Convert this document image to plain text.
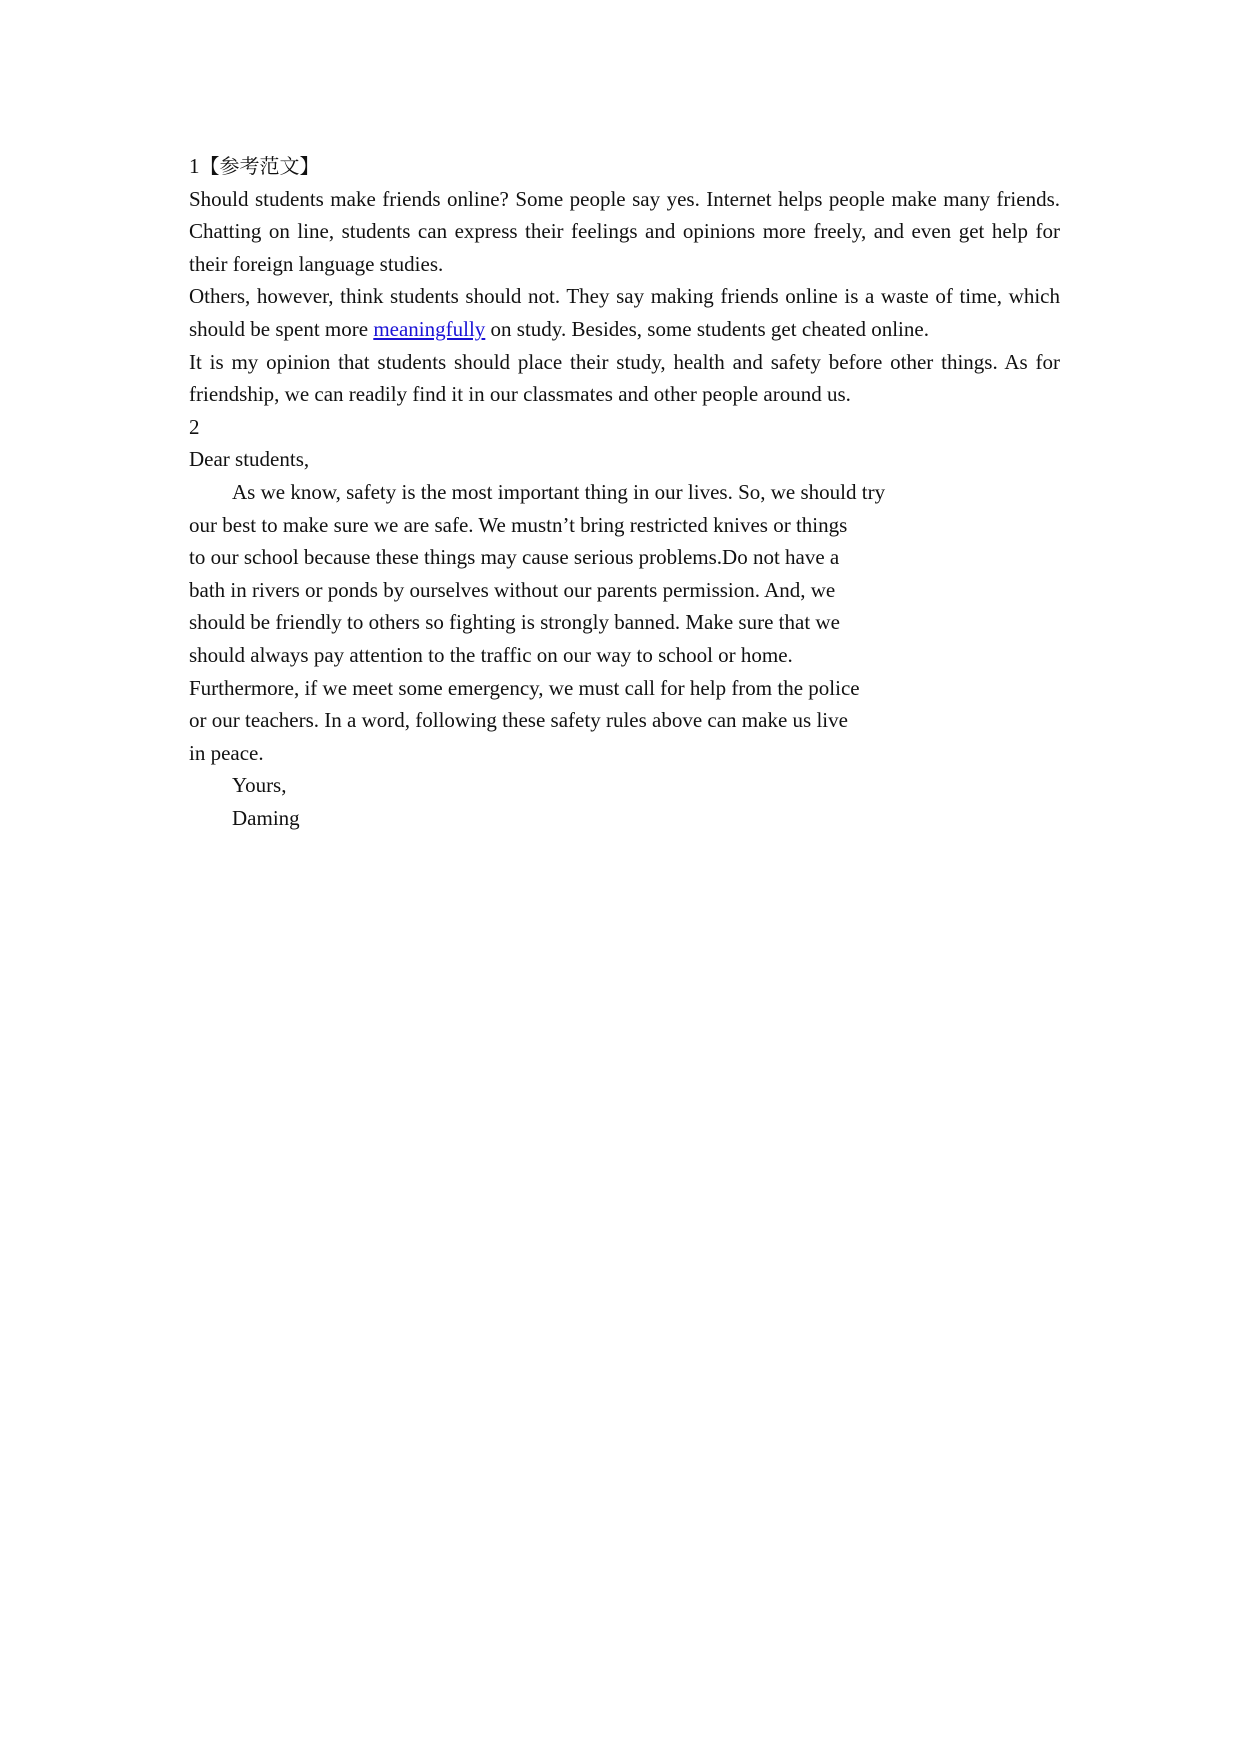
1【参考范文】

Should students make friends online? Some people say yes. Internet helps people make many friends. Chatting on line, students can express their feelings and opinions more freely, and even get help for their foreign language studies.

Others, however, think students should not. They say making friends online is a waste of time, which should be spent more meaningfully on study. Besides, some students get cheated online.

It is my opinion that students should place their study, health and safety before other things. As for friendship, we can readily find it in our classmates and other people around us.

2
Dear students,
As we know, safety is the most important thing in our lives. So, we should try
our best to make sure we are safe. We mustn’t bring restricted knives or things
to our school because these things may cause serious problems.Do not have a
bath in rivers or ponds by ourselves without our parents permission. And, we
should be friendly to others so fighting is strongly banned. Make sure that we
should always pay attention to the traffic on our way to school or home.
Furthermore, if we meet some emergency, we must call for help from the police
or our teachers. In a word, following these safety rules above can make us live
in peace.
Yours,
Daming
